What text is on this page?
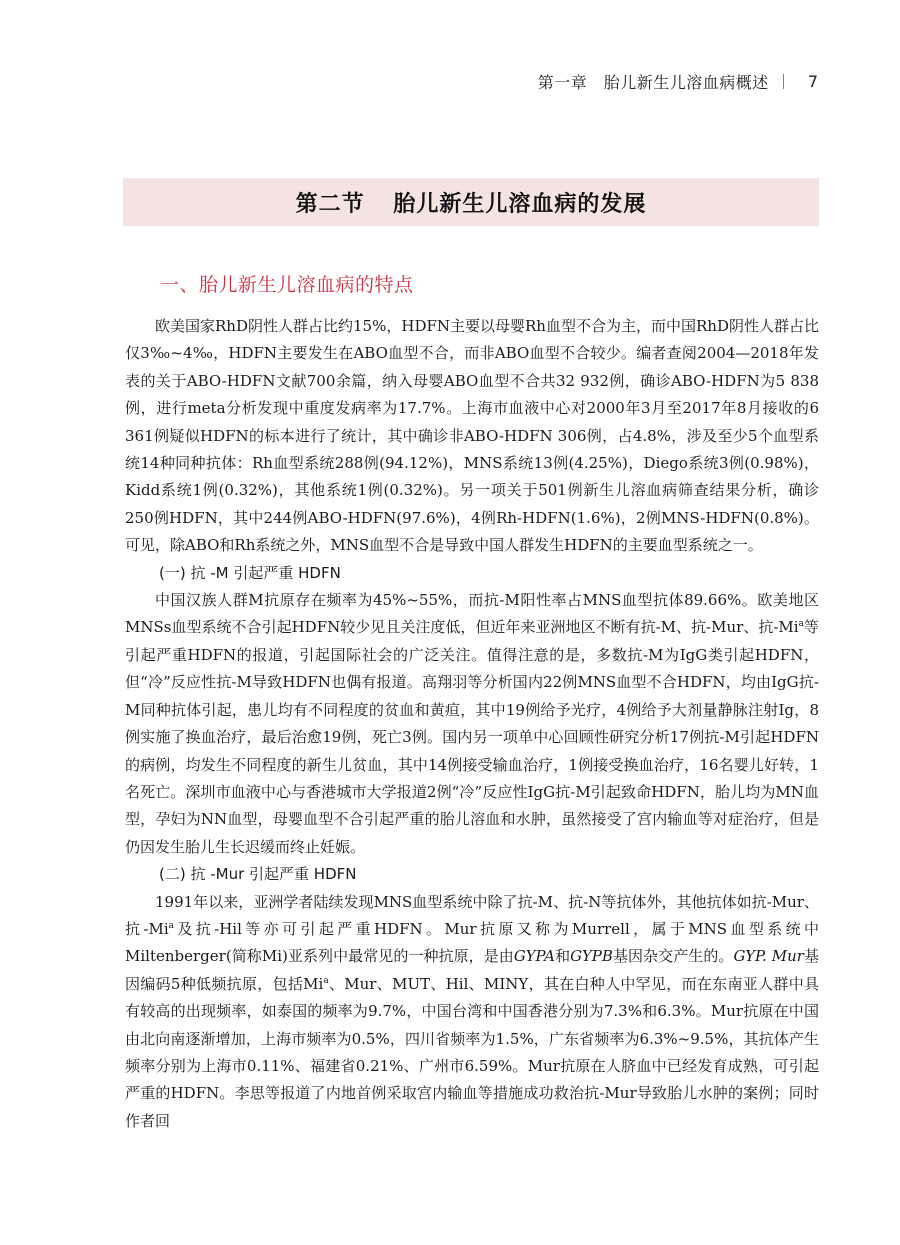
第一章　胎儿新生儿溶血病概述 7
第二节 胎儿新生儿溶血病的发展
一、胎儿新生儿溶血病的特点

欧美国家RhD阴性人群占比约15%，HDFN主要以母婴Rh血型不合为主，而中国RhD阴性人群占比仅3‰~4‰，HDFN主要发生在ABO血型不合，而非ABO血型不合较少。编者查阅2004—2018年发表的关于ABO-HDFN文献700余篇，纳入母婴ABO血型不合共32 932例，确诊ABO-HDFN为5 838例，进行meta分析发现中重度发病率为17.7%。上海市血液中心对2000年3月至2017年8月接收的6 361例疑似HDFN的标本进行了统计，其中确诊非ABO-HDFN 306例，占4.8%，涉及至少5个血型系统14种同种抗体：Rh血型系统288例(94.12%)，MNS系统13例(4.25%)，Diego系统3例(0.98%)，Kidd系统1例(0.32%)，其他系统1例(0.32%)。另一项关于501例新生儿溶血病筛查结果分析，确诊250例HDFN，其中244例ABO-HDFN(97.6%)，4例Rh-HDFN(1.6%)，2例MNS-HDFN(0.8%)。可见，除ABO和Rh系统之外，MNS血型不合是导致中国人群发生HDFN的主要血型系统之一。

(一) 抗 -M 引起严重 HDFN

中国汉族人群M抗原存在频率为45%~55%，而抗-M阳性率占MNS血型抗体89.66%。欧美地区MNSs血型系统不合引起HDFN较少见且关注度低，但近年来亚洲地区不断有抗-M、抗-Mur、抗-Mi$^a$等引起严重HDFN的报道，引起国际社会的广泛关注。值得注意的是，多数抗-M为IgG类引起HDFN，但“冷”反应性抗-M导致HDFN也偶有报道。高翔羽等分析国内22例MNS血型不合HDFN，均由IgG抗-M同种抗体引起，患儿均有不同程度的贫血和黄疸，其中19例给予光疗，4例给予大剂量静脉注射Ig，8例实施了换血治疗，最后治愈19例，死亡3例。国内另一项单中心回顾性研究分析17例抗-M引起HDFN的病例，均发生不同程度的新生儿贫血，其中14例接受输血治疗，1例接受换血治疗，16名婴儿好转，1名死亡。深圳市血液中心与香港城市大学报道2例“冷”反应性IgG抗-M引起致命HDFN，胎儿均为MN血型，孕妇为NN血型，母婴血型不合引起严重的胎儿溶血和水肿，虽然接受了宫内输血等对症治疗，但是仍因发生胎儿生长迟缓而终止妊娠。

(二) 抗 -Mur 引起严重 HDFN

1991年以来，亚洲学者陆续发现MNS血型系统中除了抗-M、抗-N等抗体外，其他抗体如抗-Mur、抗-Mi$^a$及抗-Hil等亦可引起严重HDFN。Mur抗原又称为Murrell，属于MNS血型系统中Miltenberger(简称Mi)亚系列中最常见的一种抗原，是由GYPA和GYPB基因杂交产生的。GYP. Mur基因编码5种低频抗原，包括Mi$^a$、Mur、MUT、Hil、MINY，其在白种人中罕见，而在东南亚人群中具有较高的出现频率，如泰国的频率为9.7%，中国台湾和中国香港分别为7.3%和6.3%。Mur抗原在中国由北向南逐渐增加，上海市频率为0.5%，四川省频率为1.5%，广东省频率为6.3%~9.5%，其抗体产生频率分别为上海市0.11%、福建省0.21%、广州市6.59%。Mur抗原在人脐血中已经发育成熟，可引起严重的HDFN。李思等报道了内地首例采取宫内输血等措施成功救治抗-Mur导致胎儿水肿的案例；同时作者回
